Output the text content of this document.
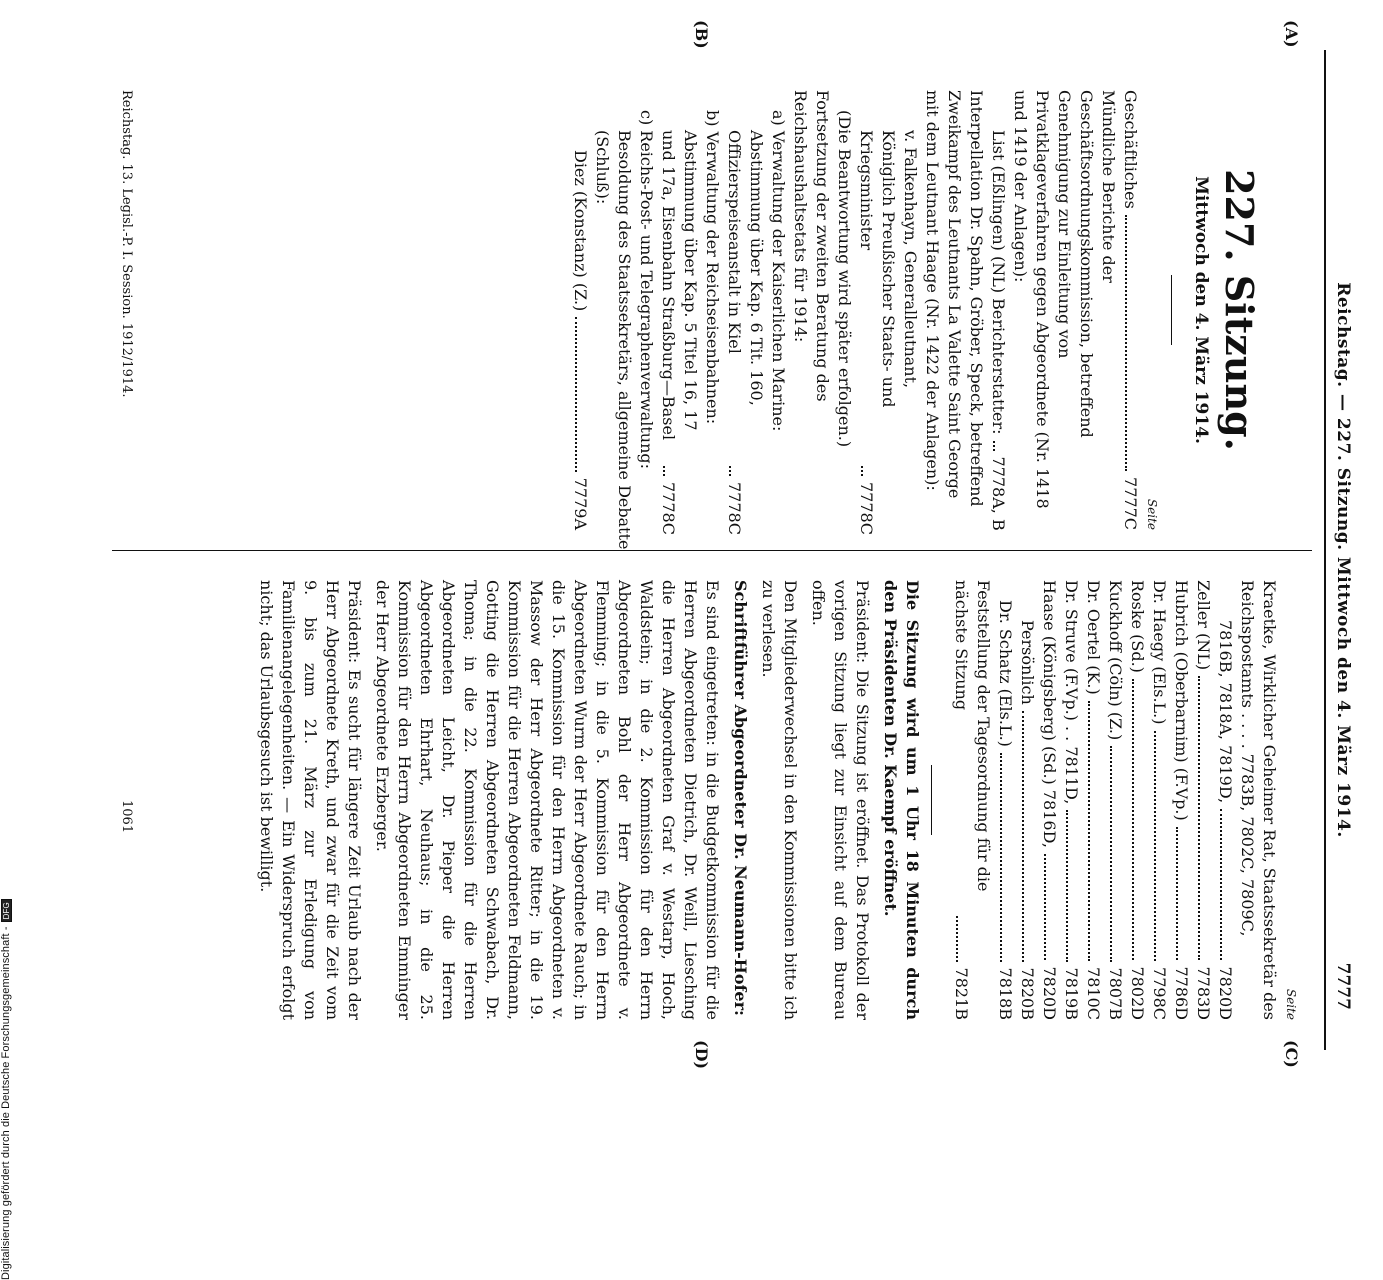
Digitalisierung gefördert durch die Deutsche Forschungsgemeinschaft -DFG
Reichstag. — 227. Sitzung. Mittwoch den 4. März 1914.
7777
(A)
(B)
(C)
(D)
227. Sitzung.
Mittwoch den 4. März 1914.
Seite
Geschäftliches
7777C
Mündliche Berichte der Geschäftsordnungskommission, betreffend Genehmigung zur Einleitung von Privatklageverfahren gegen Abgeordnete (Nr. 1418 und 1419 der Anlagen):
List (Eßlingen) (NL) Berichterstatter:
7778A, B
Interpellation Dr. Spahn, Gröber, Speck, betreffend Zweikampf des Leutnants La Valette Saint George mit dem Leutnant Haage (Nr. 1422 der Anlagen):
v. Falkenhayn, Generalleutnant, Königlich Preußischer Staats- und Kriegsminister
7778C
(Die Beantwortung wird später erfolgen.)
Fortsetzung der zweiten Beratung des Reichshaushaltsetats für 1914:
a) Verwaltung der Kaiserlichen Marine:
Abstimmung über Kap. 6 Tit. 160, Offizierspeiseanstalt in Kiel
7778C
b) Verwaltung der Reichseisenbahnen:
Abstimmung über Kap. 5 Titel 16, 17 und 17a, Eisenbahn Straßburg—Basel
7778C
c) Reichs-Post- und Telegraphenverwaltung:
Besoldung des Staatssekretärs, allgemeine Debatte (Schluß):
Diez (Konstanz) (Z.)
7779A
Seite
Kraetke, Wirklicher Geheimer Rat, Staatssekretär des Reichspostamts . . . . 7783B, 7802C, 7809C,
7816B, 7818A, 7819D,
7820D
Zeller (NL)
7783D
Hubrich (Oberbarnim) (F.Vp.)
7786D
Dr. Haegy (Els.L.)
7798C
Roske (Sd.)
7802D
Kuckhoff (Cöln) (Z.)
7807B
Dr. Oertel (K.)
7810C
Dr. Struve (F.Vp.) . . 7811D,
7819B
Haase (Königsberg) (Sd.) 7816D,
7820D
Persönlich
7820B
Dr. Schatz (Els.L.)
7818B
Feststellung der Tagesordnung für die nächste Sitzung
7821B

Die Sitzung wird um 1 Uhr 18 Minuten durch den Präsidenten Dr. Kaempf eröffnet.

Präsident: Die Sitzung ist eröffnet. Das Protokoll der vorigen Sitzung liegt zur Einsicht auf dem Bureau offen.

Den Mitgliederwechsel in den Kommissionen bitte ich zu verlesen.

Schriftführer Abgeordneter Dr. Neumann-Hofer:

Es sind eingetreten: in die Budgetkommission für die Herren Abgeordneten Dietrich, Dr. Weill, Liesching die Herren Abgeordneten Graf v. Westarp, Hoch, Waldstein; in die 2. Kommission für den Herrn Abgeordneten Bohl der Herr Abgeordnete v. Flemming; in die 5. Kommission für den Herrn Abgeordneten Wurm der Herr Abgeordnete Rauch; in die 15. Kommission für den Herrn Abgeordneten v. Massow der Herr Abgeordnete Ritter; in die 19. Kommission für die Herren Abgeordneten Feldmann, Gotting die Herren Abgeordneten Schwabach, Dr. Thoma; in die 22. Kommission für die Herren Abgeordneten Leicht, Dr. Pieper die Herren Abgeordneten Ehrhart, Neuhaus; in die 25. Kommission für den Herrn Abgeordneten Emminger der Herr Abgeordnete Erzberger.

Präsident: Es sucht für längere Zeit Urlaub nach der Herr Abgeordnete Kreth, und zwar für die Zeit vom 9. bis zum 21. März zur Erledigung von Familienangelegenheiten. — Ein Widerspruch erfolgt nicht; das Urlaubsgesuch ist bewilligt.

Reichstag. 13. Legisl.-P. I. Session. 1912/1914.
1061
